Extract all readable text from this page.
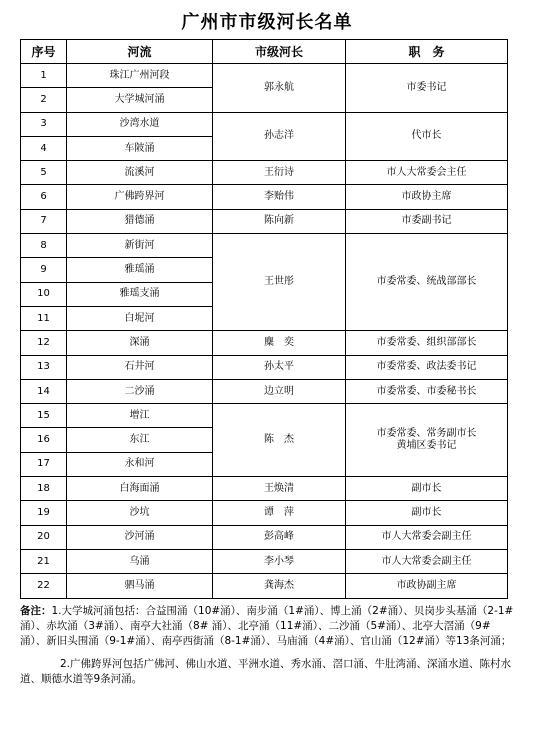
广州市市级河长名单
序号	河流	市级河长	职　务
1	珠江广州河段	郭永航	市委书记
2	大学城河涌		
3	沙湾水道	孙志洋	代市长
4	车陂涌		
5	流溪河	王衍诗	市人大常委会主任
6	广佛跨界河	李贻伟	市政协主席
7	猎德涌	陈向新	市委副书记
8	新街河	王世彤	市委常委、统战部部长
9	雅瑶涌		
10	雅瑶支涌		
11	白坭河		
12	深涌	麋　奕	市委常委、组织部部长
13	石井河	孙太平	市委常委、政法委书记
14	二沙涌	边立明	市委常委、市委秘书长
15	增江	陈　杰	市委常委、常务副市长
黄埔区委书记

16	东江		
17	永和河		
18	白海面涌	王焕清	副市长
19	沙坑	谭　萍	副市长
20	沙河涌	彭高峰	市人大常委会副主任
21	乌涌	李小琴	市人大常委会副主任
22	驷马涌	龚海杰	市政协副主席

备注：1.大学城河涌包括：合益围涌（10#涌）、南步涌（1#涌）、博上涌（2#涌）、贝岗步头基涌（2-1#涌）、赤坎涌（3#涌）、南亭大社涌（8# 涌）、北亭涌（11#涌）、二沙涌（5#涌）、北亭大滘涌（9#涌）、新旧头围涌（9-1#涌）、南亭西街涌（8-1#涌）、马庙涌（4#涌）、官山涌（12#涌）等13条河涌；

2.广佛跨界河包括广佛河、佛山水道、平洲水道、秀水涌、滘口涌、牛肚湾涌、深涌水道、陈村水道、顺德水道等9条河涌。
